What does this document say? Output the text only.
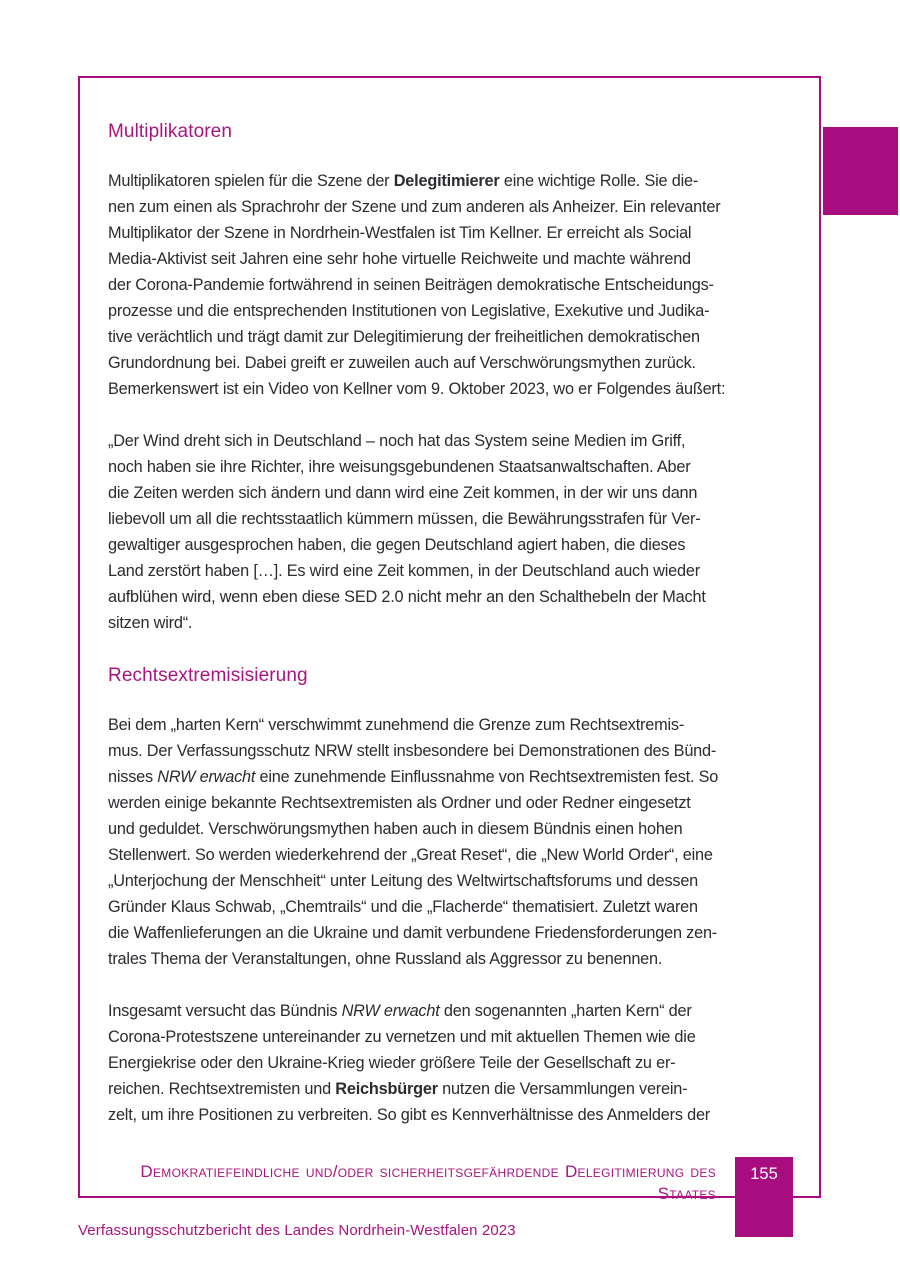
Multiplikatoren

Multiplikatoren spielen für die Szene der Delegitimierer eine wichtige Rolle. Sie die-
nen zum einen als Sprachrohr der Szene und zum anderen als Anheizer. Ein relevanter
Multiplikator der Szene in Nordrhein-Westfalen ist Tim Kellner. Er erreicht als Social
Media-Aktivist seit Jahren eine sehr hohe virtuelle Reichweite und machte während
der Corona-Pandemie fortwährend in seinen Beiträgen demokratische Entscheidungs-
prozesse und die entsprechenden Institutionen von Legislative, Exekutive und Judika-
tive verächtlich und trägt damit zur Delegitimierung der freiheitlichen demokratischen
Grundordnung bei. Dabei greift er zuweilen auch auf Verschwörungsmythen zurück.
Bemerkenswert ist ein Video von Kellner vom 9. Oktober 2023, wo er Folgendes äußert:

„Der Wind dreht sich in Deutschland – noch hat das System seine Medien im Griff,
noch haben sie ihre Richter, ihre weisungsgebundenen Staatsanwaltschaften. Aber
die Zeiten werden sich ändern und dann wird eine Zeit kommen, in der wir uns dann
liebevoll um all die rechtsstaatlich kümmern müssen, die Bewährungsstrafen für Ver-
gewaltiger ausgesprochen haben, die gegen Deutschland agiert haben, die dieses
Land zerstört haben […]. Es wird eine Zeit kommen, in der Deutschland auch wieder
aufblühen wird, wenn eben diese SED 2.0 nicht mehr an den Schalthebeln der Macht
sitzen wird“.

Rechtsextremisisierung

Bei dem „harten Kern“ verschwimmt zunehmend die Grenze zum Rechtsextremis-
mus. Der Verfassungsschutz NRW stellt insbesondere bei Demonstrationen des Bünd-
nisses NRW erwacht eine zunehmende Einflussnahme von Rechtsextremisten fest. So
werden einige bekannte Rechtsextremisten als Ordner und oder Redner eingesetzt
und geduldet. Verschwörungsmythen haben auch in diesem Bündnis einen hohen
Stellenwert. So werden wiederkehrend der „Great Reset“, die „New World Order“, eine
„Unterjochung der Menschheit“ unter Leitung des Weltwirtschaftsforums und dessen
Gründer Klaus Schwab, „Chemtrails“ und die „Flacherde“ thematisiert. Zuletzt waren
die Waffenlieferungen an die Ukraine und damit verbundene Friedensforderungen zen-
trales Thema der Veranstaltungen, ohne Russland als Aggressor zu benennen.

Insgesamt versucht das Bündnis NRW erwacht den sogenannten „harten Kern“ der
Corona-Protestszene untereinander zu vernetzen und mit aktuellen Themen wie die
Energiekrise oder den Ukraine-Krieg wieder größere Teile der Gesellschaft zu er-
reichen. Rechtsextremisten und Reichsbürger nutzen die Versammlungen verein-
zelt, um ihre Positionen zu verbreiten. So gibt es Kennverhältnisse des Anmelders der

Demokratiefeindliche und/oder sicherheitsgefährdende Delegitimierung des Staates
155
Verfassungsschutzbericht des Landes Nordrhein-Westfalen 2023
